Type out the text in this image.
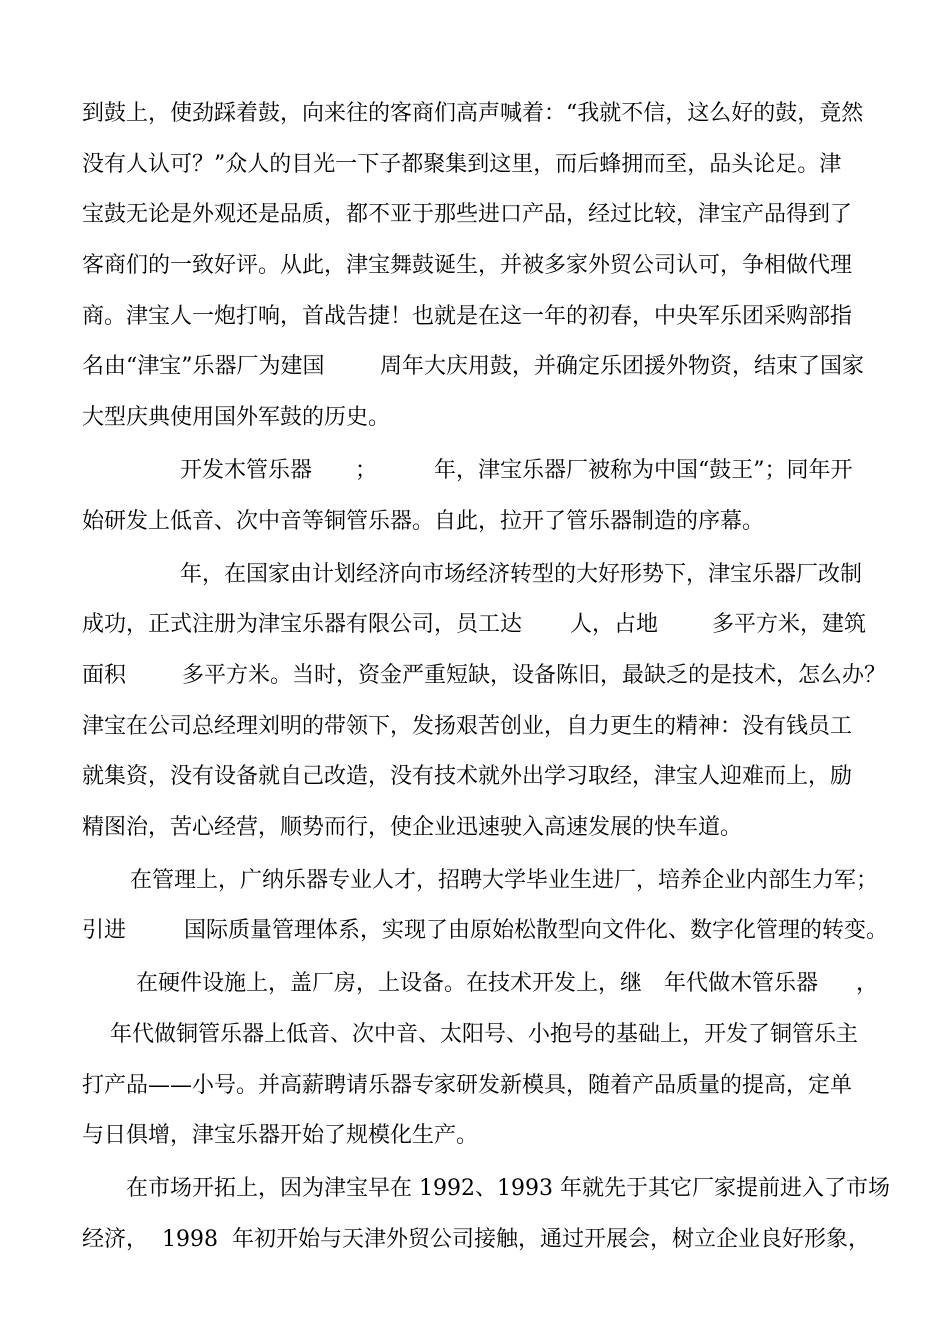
到鼓上，使劲踩着鼓，向来往的客商们高声喊着：“我就不信，这么好的鼓，竟然
没有人认可？”众人的目光一下子都聚集到这里，而后蜂拥而至，品头论足。津
宝鼓无论是外观还是品质，都不亚于那些进口产品，经过比较，津宝产品得到了
客商们的一致好评。从此，津宝舞鼓诞生，并被多家外贸公司认可，争相做代理
商。津宝人一炮打响，首战告捷！也就是在这一年的初春，中央军乐团采购部指

名由“津宝”乐器厂为建国

	周年大庆用鼓，并确定乐团援外物资，结束了国家

大型庆典使用国外军鼓的历史。

开发木管乐器

；

	年，津宝乐器厂被称为中国“鼓王”；同年开

始研发上低音、次中音等铜管乐器。自此，拉开了管乐器制造的序幕。
年，在国家由计划经济向市场经济转型的大好形势下，津宝乐器厂改制

成功，正式注册为津宝乐器有限公司，员工达

人，占地

多平方米，建筑

面积

	多平方米。当时，资金严重短缺，设备陈旧，最缺乏的是技术，怎么办？

津宝在公司总经理刘明的带领下，发扬艰苦创业，自力更生的精神：没有钱员工
就集资，没有设备就自己改造，没有技术就外出学习取经，津宝人迎难而上，励
精图治，苦心经营，顺势而行，使企业迅速驶入高速发展的快车道。
在管理上，广纳乐器专业人才，招聘大学毕业生进厂，培养企业内部生力军；

引进

	国际质量管理体系，实现了由原始松散型向文件化、数字化管理的转变。

在硬件设施上，盖厂房，上设备。在技术开发上，继

年代做木管乐器

，

年代做铜管乐器上低音、次中音、太阳号、小抱号的基础上，开发了铜管乐主
打产品——小号。并高薪聘请乐器专家研发新模具，随着产品质量的提高，定单
与日俱增，津宝乐器开始了规模化生产。
在市场开拓上，因为津宝早在 1992、1993 年就先于其它厂家提前进入了市场
经济，  1998  年初开始与天津外贸公司接触，通过开展会，树立企业良好形象，
